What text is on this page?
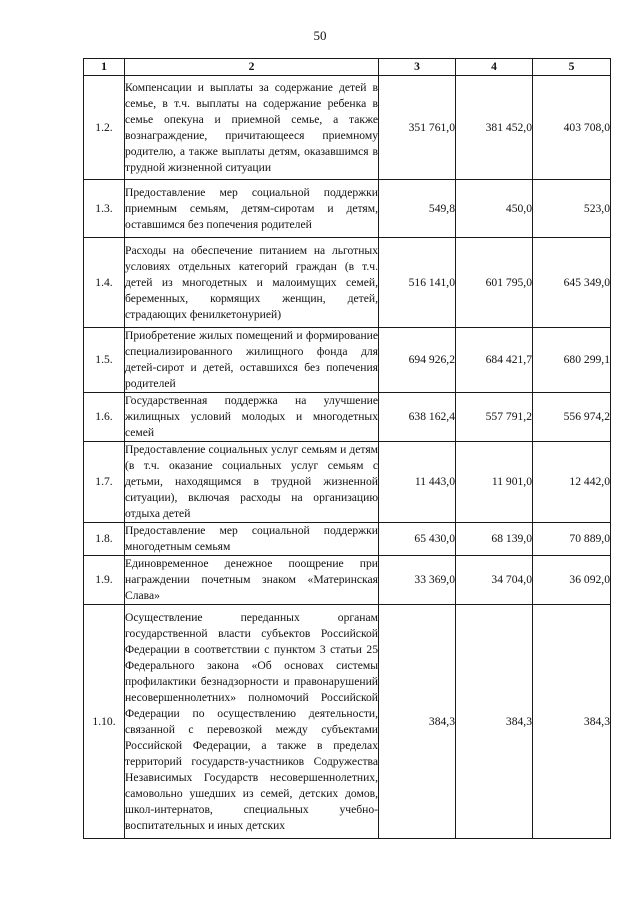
50
1	2	3	4	5
1.2.	Компенсации и выплаты за содержание детей в семье, в т.ч. выплаты на содержание ребенка в семье опекуна и приемной семье, а также вознаграждение, причитающееся приемному родителю, а также выплаты детям, оказавшимся в трудной жизненной ситуации	351 761,0	381 452,0	403 708,0
1.3.	Предоставление мер социальной поддержки приемным семьям, детям-сиротам и детям, оставшимся без попечения родителей	549,8	450,0	523,0
1.4.	Расходы на обеспечение питанием на льготных условиях отдельных категорий граждан (в т.ч. детей из многодетных и малоимущих семей, беременных, кормящих женщин, детей, страдающих фенилкетонурией)	516 141,0	601 795,0	645 349,0
1.5.	Приобретение жилых помещений и формирование специализированного жилищного фонда для детей-сирот и детей, оставшихся без попечения родителей	694 926,2	684 421,7	680 299,1
1.6.	Государственная поддержка на улучшение жилищных условий молодых и многодетных семей	638 162,4	557 791,2	556 974,2
1.7.	Предоставление социальных услуг семьям и детям (в т.ч. оказание социальных услуг семьям с детьми, находящимся в трудной жизненной ситуации), включая расходы на организацию отдыха детей	11 443,0	11 901,0	12 442,0
1.8.	Предоставление мер социальной поддержки многодетным семьям	65 430,0	68 139,0	70 889,0
1.9.	Единовременное денежное поощрение при награждении почетным знаком «Материнская Слава»	33 369,0	34 704,0	36 092,0
1.10.	Осуществление переданных органам государственной власти субъектов Российской Федерации в соответствии с пунктом 3 статьи 25 Федерального закона «Об основах системы профилактики безнадзорности и правонарушений несовершеннолетних» полномочий Российской Федерации по осуществлению деятельности, связанной с перевозкой между субъектами Российской Федерации, а также в пределах территорий государств-участников Содружества Независимых Государств несовершеннолетних, самовольно ушедших из семей, детских домов, школ-интернатов, специальных учебно-воспитательных и иных детских	384,3	384,3	384,3
